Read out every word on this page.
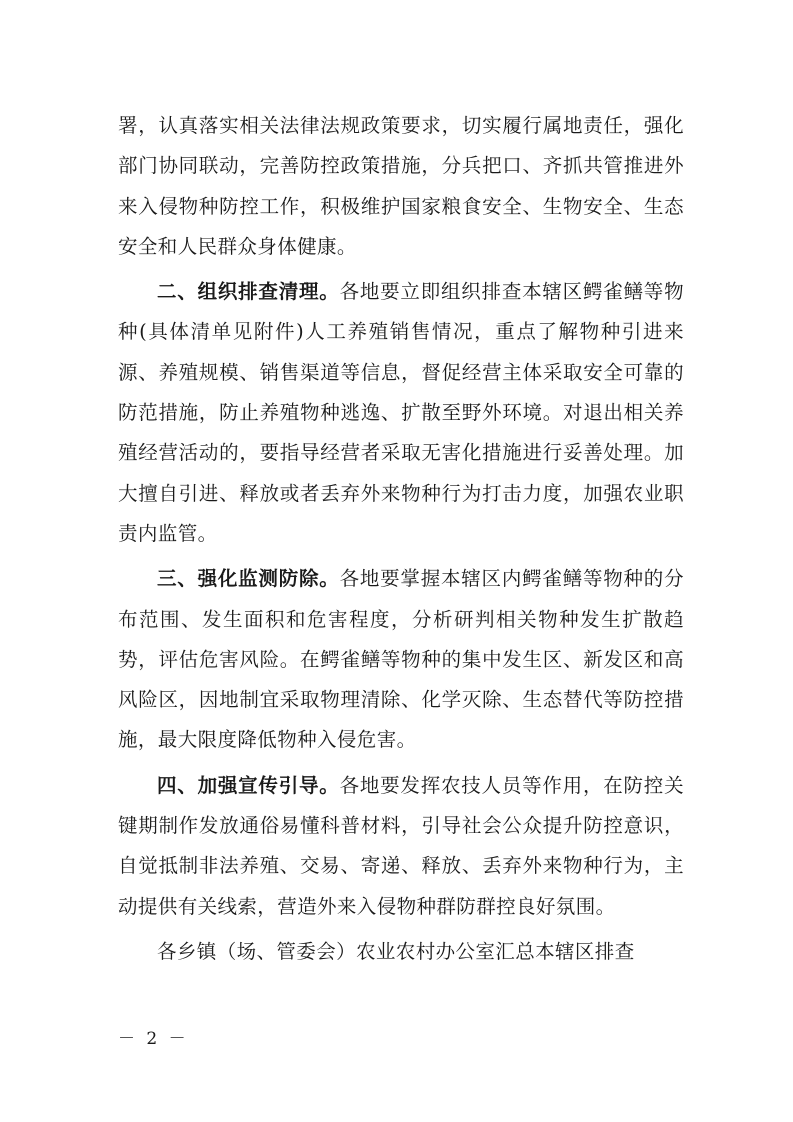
署，认真落实相关法律法规政策要求，切实履行属地责任，强化部门协同联动，完善防控政策措施，分兵把口、齐抓共管推进外来入侵物种防控工作，积极维护国家粮食安全、生物安全、生态安全和人民群众身体健康。

二、组织排查清理。各地要立即组织排查本辖区鳄雀鳝等物种(具体清单见附件)人工养殖销售情况，重点了解物种引进来源、养殖规模、销售渠道等信息，督促经营主体采取安全可靠的防范措施，防止养殖物种逃逸、扩散至野外环境。对退出相关养殖经营活动的，要指导经营者采取无害化措施进行妥善处理。加大擅自引进、释放或者丢弃外来物种行为打击力度，加强农业职责内监管。

三、强化监测防除。各地要掌握本辖区内鳄雀鳝等物种的分布范围、发生面积和危害程度，分析研判相关物种发生扩散趋势，评估危害风险。在鳄雀鳝等物种的集中发生区、新发区和高风险区，因地制宜采取物理清除、化学灭除、生态替代等防控措施，最大限度降低物种入侵危害。

四、加强宣传引导。各地要发挥农技人员等作用，在防控关键期制作发放通俗易懂科普材料，引导社会公众提升防控意识，自觉抵制非法养殖、交易、寄递、释放、丢弃外来物种行为，主动提供有关线索，营造外来入侵物种群防群控良好氛围。

各乡镇（场、管委会）农业农村办公室汇总本辖区排查

－ 2 －
